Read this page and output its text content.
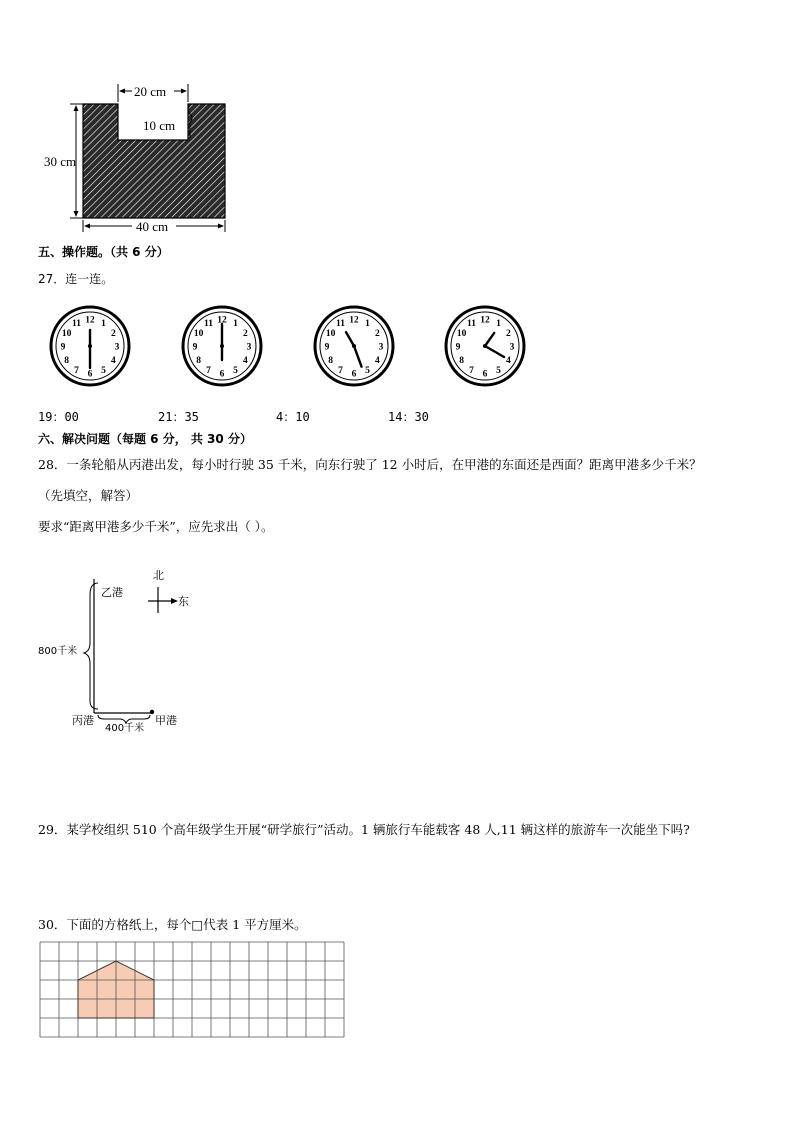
20 cm
10 cm
30 cm
40 cm
五、操作题。（共 6 分）
27．连一连。
1
2
3
4
5
6
7
8
9
10
11 12	1
2
3
4
5
6
7
8
9
10
11 12	1
2
3
4
5
6
7
8
9
10
11 12	1
2
3
4
5
6
7
8
9
10
11 12
19：00	21：35	4：10	14：30
六、解决问题（每题 6 分， 共 30 分）
28．一条轮船从丙港出发，每小时行驶 35 千米，向东行驶了 12 小时后，在甲港的东面还是西面？距离甲港多少千米？
（先填空，解答）
要求“距离甲港多少千米”，应先求出（ ）。
北
东
乙港
800千米
丙港	甲港
400千米
29．某学校组织 510 个高年级学生开展“研学旅行”活动。1 辆旅行车能载客 48 人,11 辆这样的旅游车一次能坐下吗?
30．下面的方格纸上，每个□代表 1 平方厘米。
